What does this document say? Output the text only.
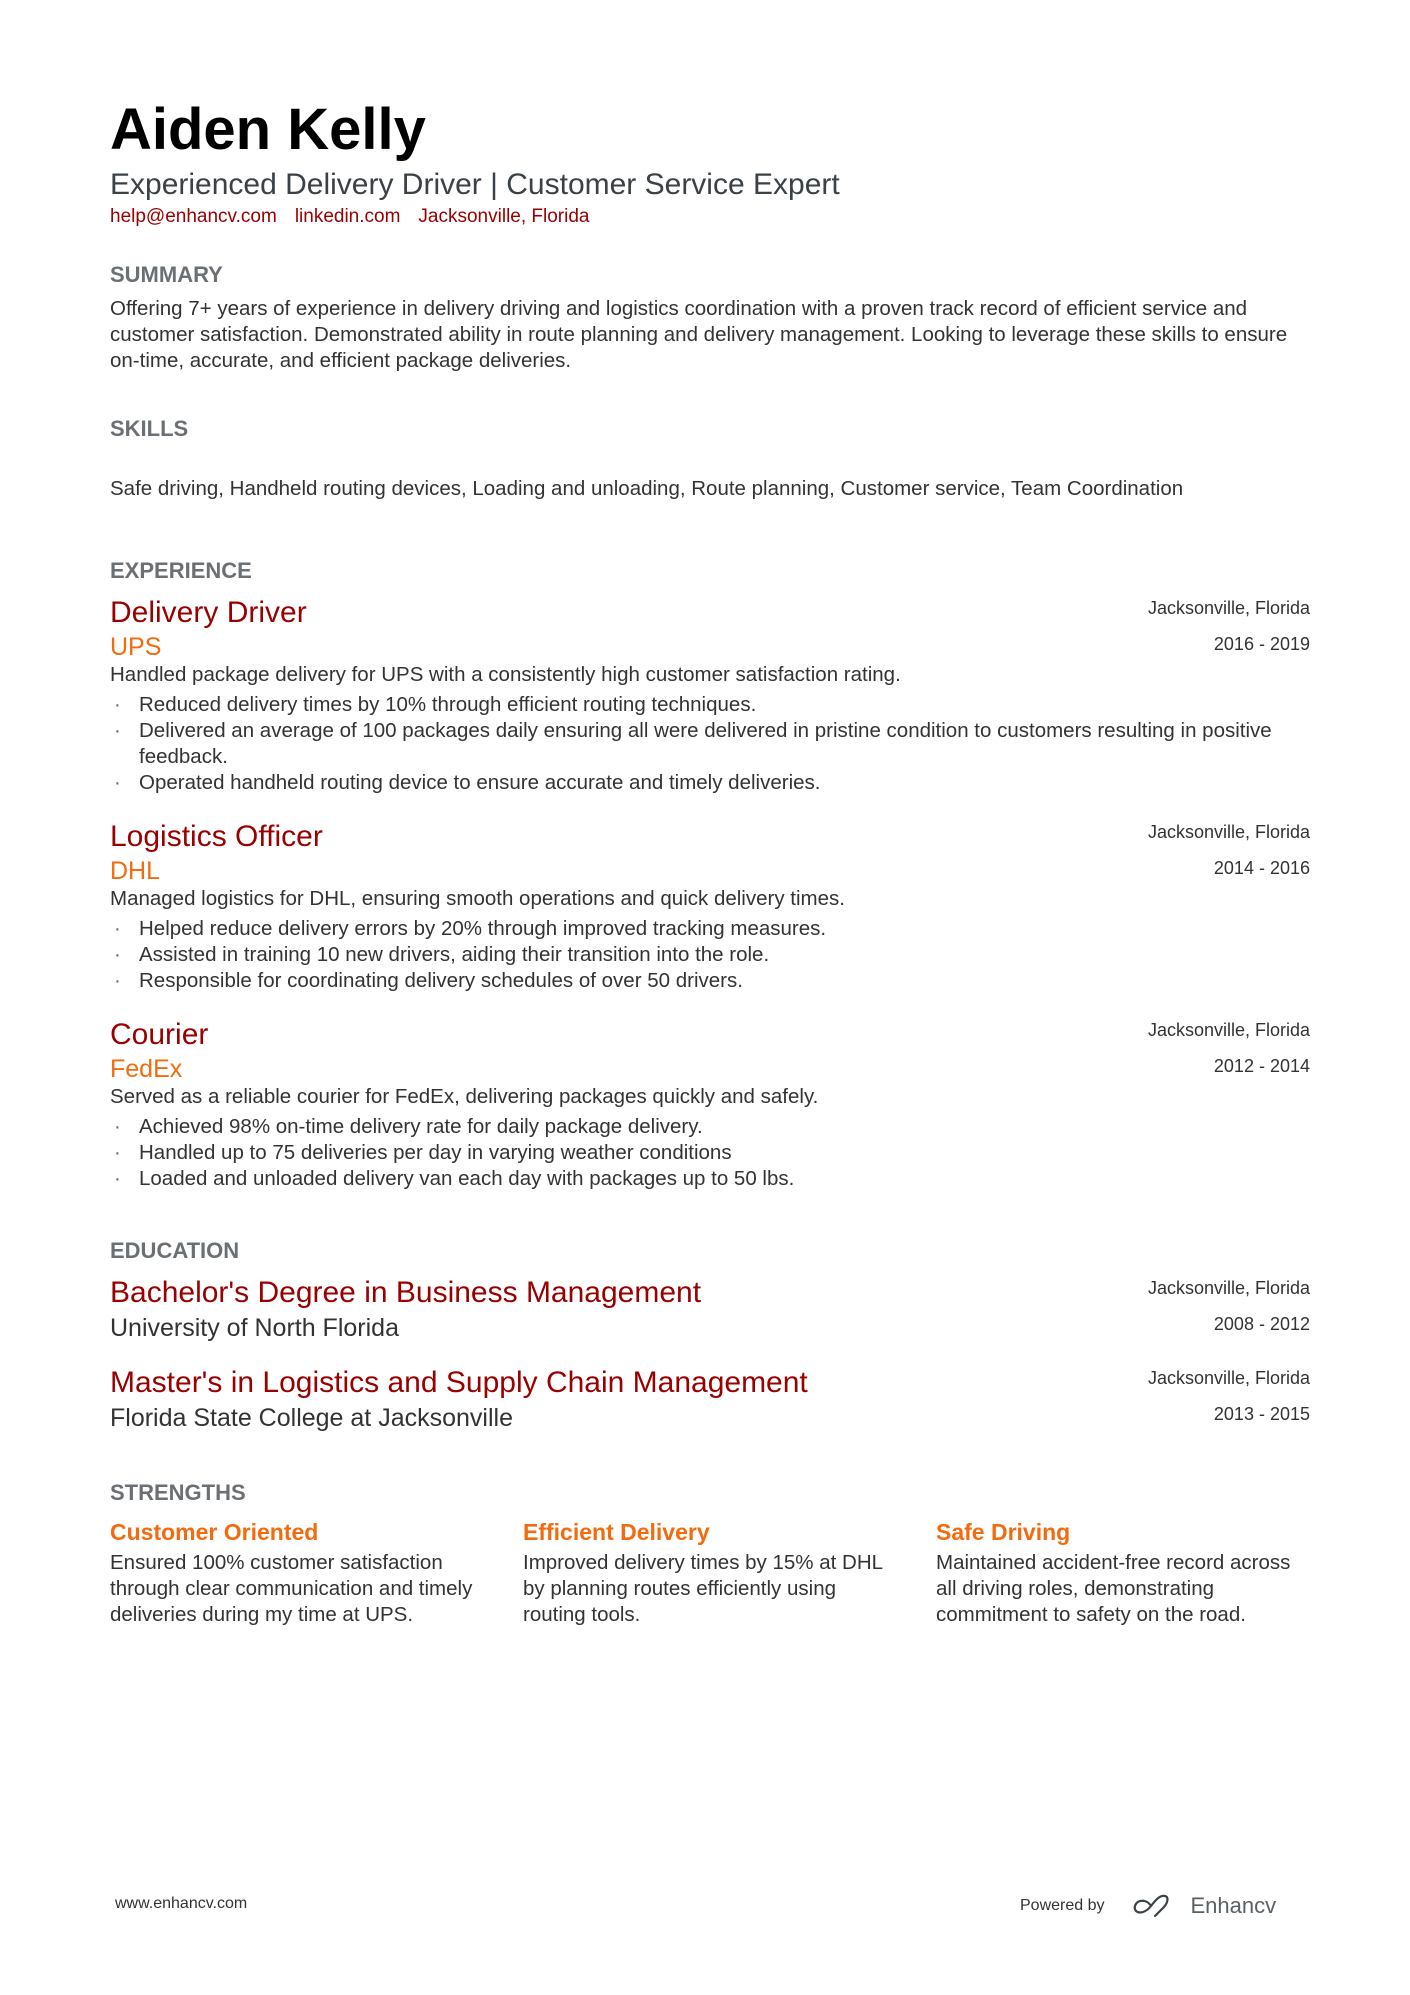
Aiden Kelly
Experienced Delivery Driver | Customer Service Expert
help@enhancv.com linkedin.com Jacksonville, Florida
SUMMARY
Offering 7+ years of experience in delivery driving and logistics coordination with a proven track record of efficient service and customer satisfaction. Demonstrated ability in route planning and delivery management. Looking to leverage these skills to ensure on-time, accurate, and efficient package deliveries.
SKILLS
Safe driving, Handheld routing devices, Loading and unloading, Route planning, Customer service, Team Coordination
EXPERIENCE
Delivery Driver
UPS
Jacksonville, Florida
2016 - 2019
Handled package delivery for UPS with a consistently high customer satisfaction rating.
· Reduced delivery times by 10% through efficient routing techniques.
· Delivered an average of 100 packages daily ensuring all were delivered in pristine condition to customers resulting in positive feedback.
· Operated handheld routing device to ensure accurate and timely deliveries.
Logistics Officer
DHL
Jacksonville, Florida
2014 - 2016
Managed logistics for DHL, ensuring smooth operations and quick delivery times.
· Helped reduce delivery errors by 20% through improved tracking measures.
· Assisted in training 10 new drivers, aiding their transition into the role.
· Responsible for coordinating delivery schedules of over 50 drivers.
Courier
FedEx
Jacksonville, Florida
2012 - 2014
Served as a reliable courier for FedEx, delivering packages quickly and safely.
· Achieved 98% on-time delivery rate for daily package delivery.
· Handled up to 75 deliveries per day in varying weather conditions
· Loaded and unloaded delivery van each day with packages up to 50 lbs.
EDUCATION
Bachelor's Degree in Business Management
University of North Florida
Jacksonville, Florida
2008 - 2012
Master's in Logistics and Supply Chain Management
Florida State College at Jacksonville
Jacksonville, Florida
2013 - 2015
STRENGTHS
Customer Oriented
Ensured 100% customer satisfaction through clear communication and timely deliveries during my time at UPS.
Efficient Delivery
Improved delivery times by 15% at DHL by planning routes efficiently using routing tools.
Safe Driving
Maintained accident-free record across all driving roles, demonstrating commitment to safety on the road.
www.enhancv.com	Powered by	Enhancv
